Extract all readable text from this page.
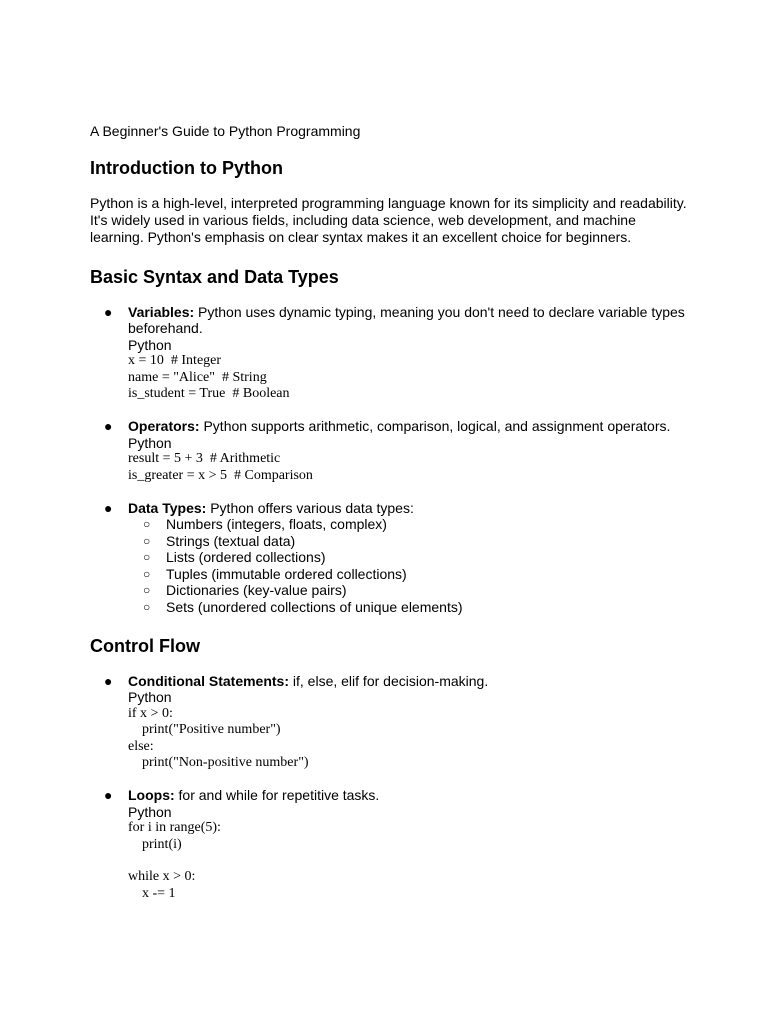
A Beginner's Guide to Python Programming

Introduction to Python

Python is a high-level, interpreted programming language known for its simplicity and readability. It's widely used in various fields, including data science, web development, and machine learning. Python's emphasis on clear syntax makes it an excellent choice for beginners.

Basic Syntax and Data Types
● Variables: Python uses dynamic typing, meaning you don't need to declare variable types beforehand.
Python
x = 10  # Integer
name = "Alice"  # String
is_student = True  # Boolean
● Operators: Python supports arithmetic, comparison, logical, and assignment operators.
Python
result = 5 + 3  # Arithmetic
is_greater = x > 5  # Comparison
● Data Types: Python offers various data types:
○ Numbers (integers, floats, complex)
○ Strings (textual data)
○ Lists (ordered collections)
○ Tuples (immutable ordered collections)
○ Dictionaries (key-value pairs)
○ Sets (unordered collections of unique elements)
Control Flow
● Conditional Statements: if, else, elif for decision-making.
Python
if x > 0:
print("Positive number")
else:
print("Non-positive number")
● Loops: for and while for repetitive tasks.
Python
for i in range(5):
print(i)

while x > 0:
x -= 1
